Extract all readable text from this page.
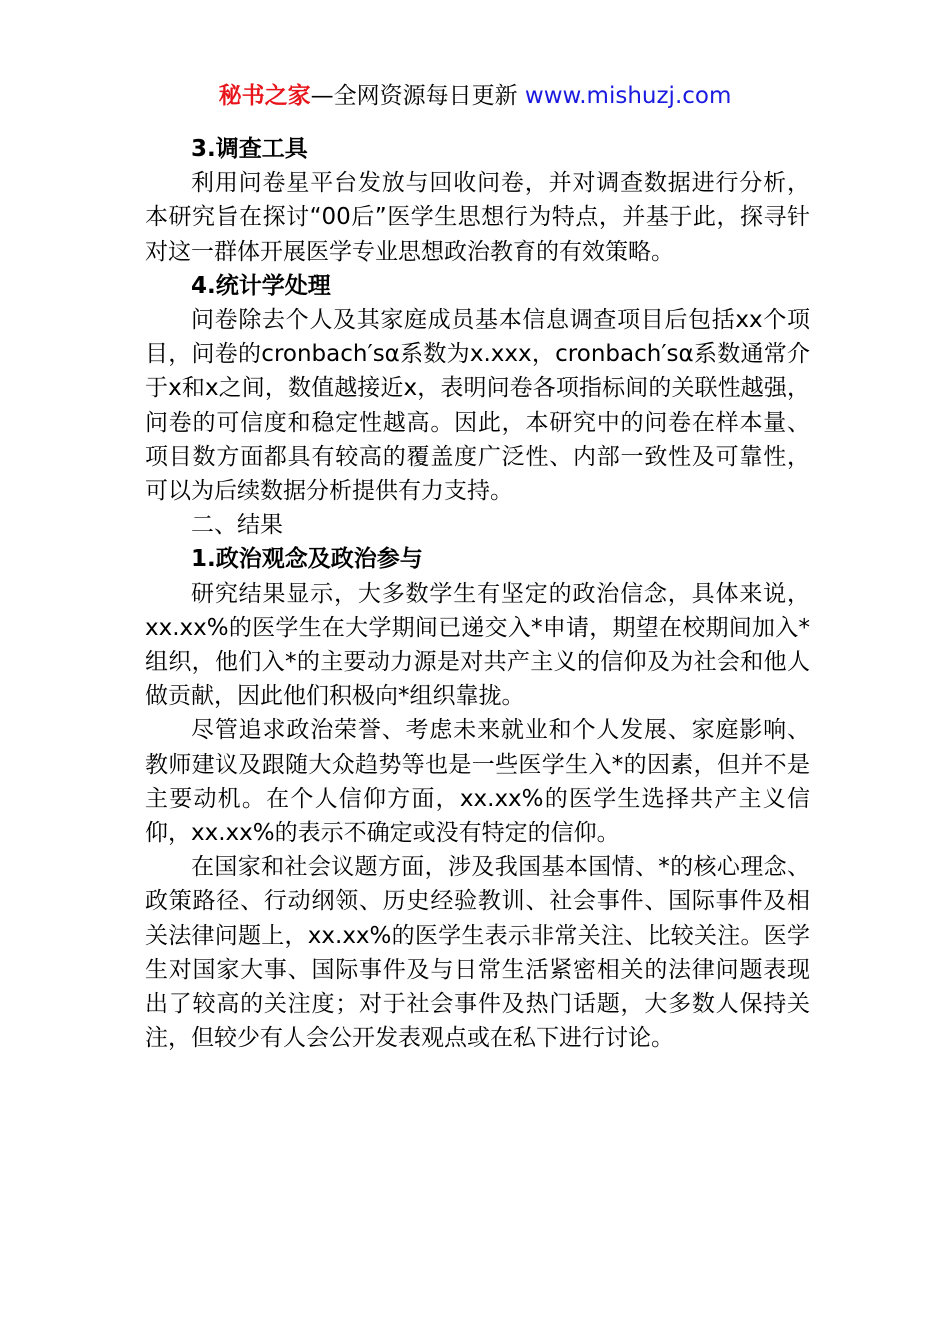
秘书之家—全网资源每日更新 www.mishuzj.com
3.调查工具

利用问卷星平台发放与回收问卷，并对调查数据进行分析，本研究旨在探讨“00后”医学生思想行为特点，并基于此，探寻针对这一群体开展医学专业思想政治教育的有效策略。

4.统计学处理

问卷除去个人及其家庭成员基本信息调查项目后包括xx个项目，问卷的cronbach′sα系数为x.xxx，cronbach′sα系数通常介于x和x之间，数值越接近x，表明问卷各项指标间的关联性越强，问卷的可信度和稳定性越高。因此，本研究中的问卷在样本量、项目数方面都具有较高的覆盖度广泛性、内部一致性及可靠性，可以为后续数据分析提供有力支持。

二、结果

1.政治观念及政治参与

研究结果显示，大多数学生有坚定的政治信念，具体来说，xx.xx%的医学生在大学期间已递交入*申请，期望在校期间加入*组织，他们入*的主要动力源是对共产主义的信仰及为社会和他人做贡献，因此他们积极向*组织靠拢。

尽管追求政治荣誉、考虑未来就业和个人发展、家庭影响、教师建议及跟随大众趋势等也是一些医学生入*的因素，但并不是主要动机。在个人信仰方面，xx.xx%的医学生选择共产主义信仰，xx.xx%的表示不确定或没有特定的信仰。

在国家和社会议题方面，涉及我国基本国情、*的核心理念、政策路径、行动纲领、历史经验教训、社会事件、国际事件及相关法律问题上，xx.xx%的医学生表示非常关注、比较关注。医学生对国家大事、国际事件及与日常生活紧密相关的法律问题表现出了较高的关注度；对于社会事件及热门话题，大多数人保持关注，但较少有人会公开发表观点或在私下进行讨论。
